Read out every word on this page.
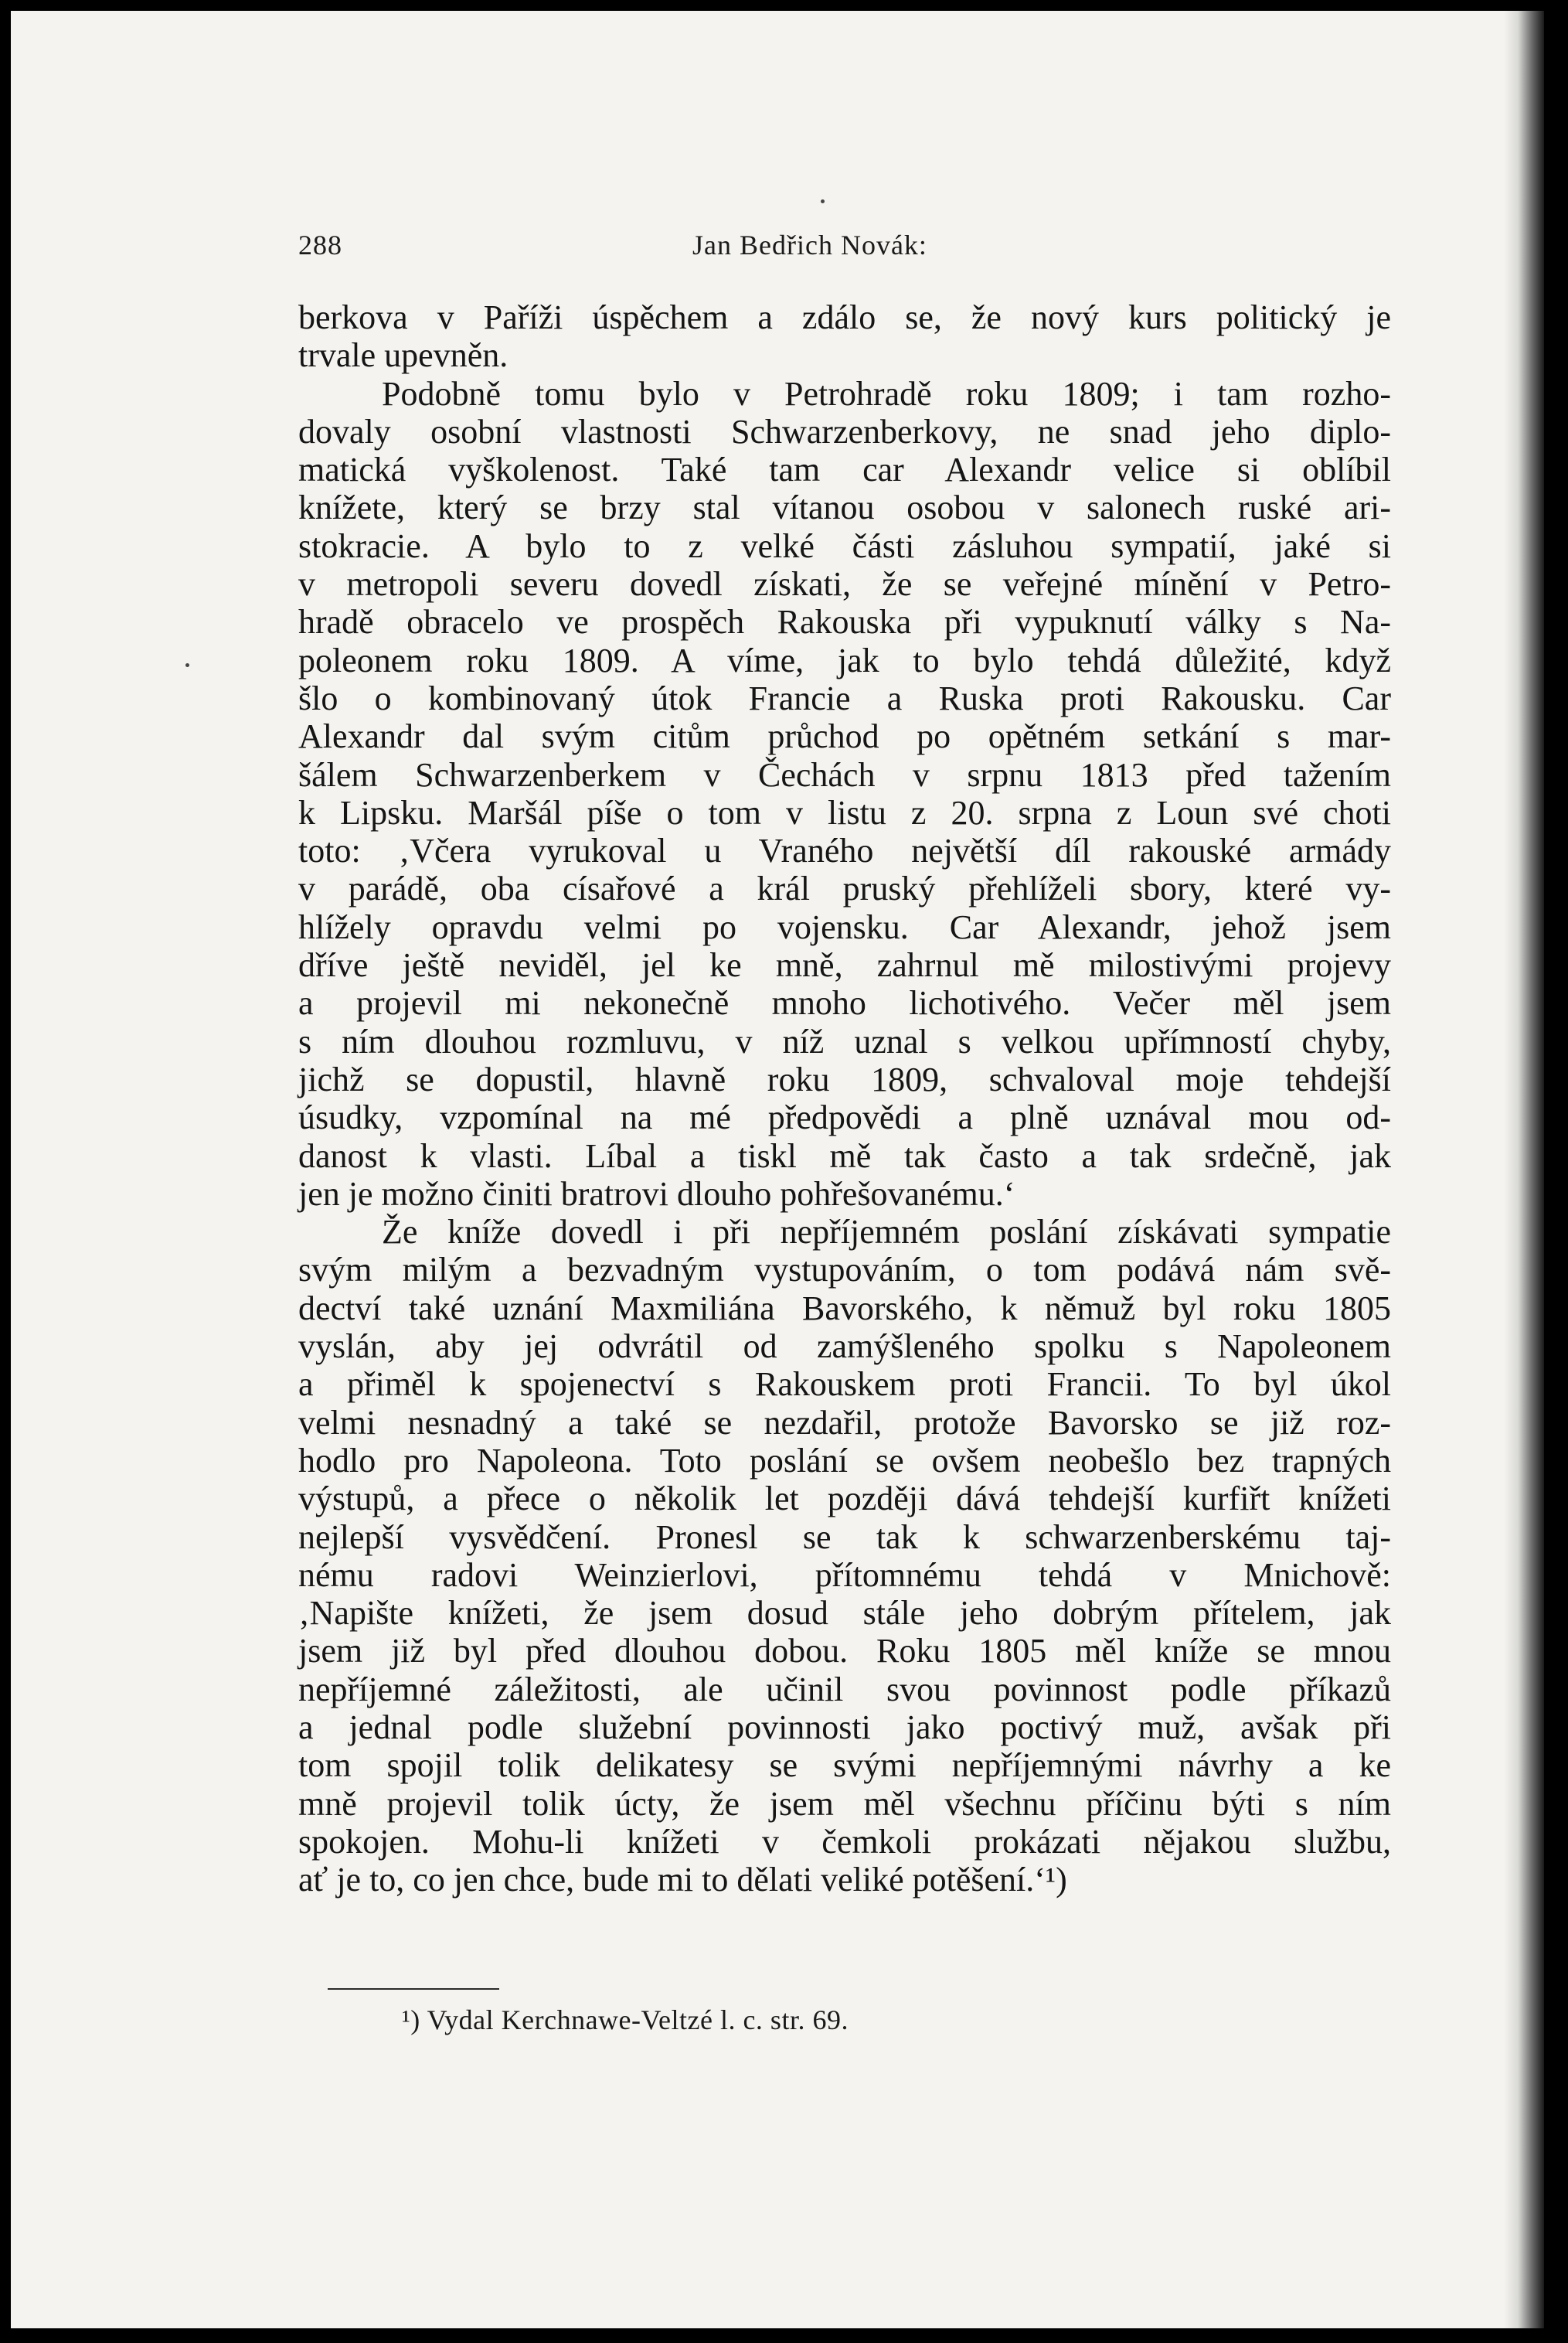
288	Jan Bedřich Novák:
berkova v Paříži úspěchem a zdálo se, že nový kurs politický je
trvale upevněn.
Podobně tomu bylo v Petrohradě roku 1809; i tam rozho-
dovaly osobní vlastnosti Schwarzenberkovy, ne snad jeho diplo-
matická vyškolenost. Také tam car Alexandr velice si oblíbil
knížete, který se brzy stal vítanou osobou v salonech ruské ari-
stokracie. A bylo to z velké části zásluhou sympatií, jaké si
v metropoli severu dovedl získati, že se veřejné mínění v Petro-
hradě obracelo ve prospěch Rakouska při vypuknutí války s Na-
poleonem roku 1809. A víme, jak to bylo tehdá důležité, když
šlo o kombinovaný útok Francie a Ruska proti Rakousku. Car
Alexandr dal svým citům průchod po opětném setkání s mar-
šálem Schwarzenberkem v Čechách v srpnu 1813 před tažením
k Lipsku. Maršál píše o tom v listu z 20. srpna z Loun své choti
toto: ‚Včera vyrukoval u Vraného největší díl rakouské armády
v parádě, oba císařové a král pruský přehlíželi sbory, které vy-
hlížely opravdu velmi po vojensku. Car Alexandr, jehož jsem
dříve ještě neviděl, jel ke mně, zahrnul mě milostivými projevy
a projevil mi nekonečně mnoho lichotivého. Večer měl jsem
s ním dlouhou rozmluvu, v níž uznal s velkou upřímností chyby,
jichž se dopustil, hlavně roku 1809, schvaloval moje tehdejší
úsudky, vzpomínal na mé předpovědi a plně uznával mou od-
danost k vlasti. Líbal a tiskl mě tak často a tak srdečně, jak
jen je možno činiti bratrovi dlouho pohřešovanému.‘
Že kníže dovedl i při nepříjemném poslání získávati sympatie
svým milým a bezvadným vystupováním, o tom podává nám svě-
dectví také uznání Maxmiliána Bavorského, k němuž byl roku 1805
vyslán, aby jej odvrátil od zamýšleného spolku s Napoleonem
a přiměl k spojenectví s Rakouskem proti Francii. To byl úkol
velmi nesnadný a také se nezdařil, protože Bavorsko se již roz-
hodlo pro Napoleona. Toto poslání se ovšem neobešlo bez trapných
výstupů, a přece o několik let později dává tehdejší kurfiřt knížeti
nejlepší vysvědčení. Pronesl se tak k schwarzenberskému taj-
nému radovi Weinzierlovi, přítomnému tehdá v Mnichově:
‚Napište knížeti, že jsem dosud stále jeho dobrým přítelem, jak
jsem již byl před dlouhou dobou. Roku 1805 měl kníže se mnou
nepříjemné záležitosti, ale učinil svou povinnost podle příkazů
a jednal podle služební povinnosti jako poctivý muž, avšak při
tom spojil tolik delikatesy se svými nepříjemnými návrhy a ke
mně projevil tolik úcty, že jsem měl všechnu příčinu býti s ním
spokojen. Mohu-li knížeti v čemkoli prokázati nějakou službu,
ať je to, co jen chce, bude mi to dělati veliké potěšení.‘¹)
¹) Vydal Kerchnawe-Veltzé l. c. str. 69.
